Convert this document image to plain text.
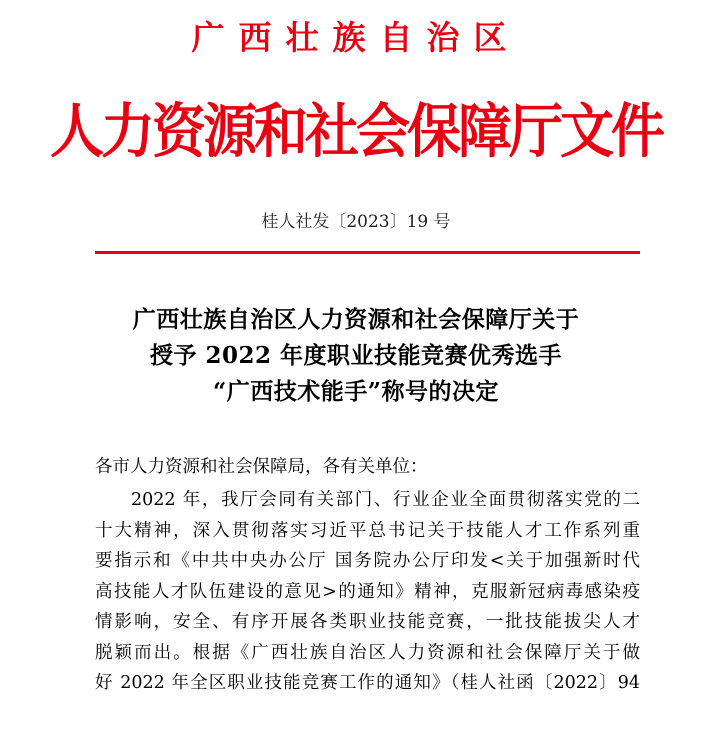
广西壮族自治区
人力资源和社会保障厅文件
桂人社发〔2023〕19 号
广西壮族自治区人力资源和社会保障厅关于
授予 2022 年度职业技能竞赛优秀选手
“广西技术能手”称号的决定
各市人力资源和社会保障局，各有关单位：
2022 年，我厅会同有关部门、行业企业全面贯彻落实党的二
十大精神，深入贯彻落实习近平总书记关于技能人才工作系列重
要指示和《中共中央办公厅 国务院办公厅印发<关于加强新时代
高技能人才队伍建设的意见>的通知》精神，克服新冠病毒感染疫
情影响，安全、有序开展各类职业技能竞赛，一批技能拔尖人才
脱颖而出。根据《广西壮族自治区人力资源和社会保障厅关于做
好 2022 年全区职业技能竞赛工作的通知》（桂人社函〔2022〕94
